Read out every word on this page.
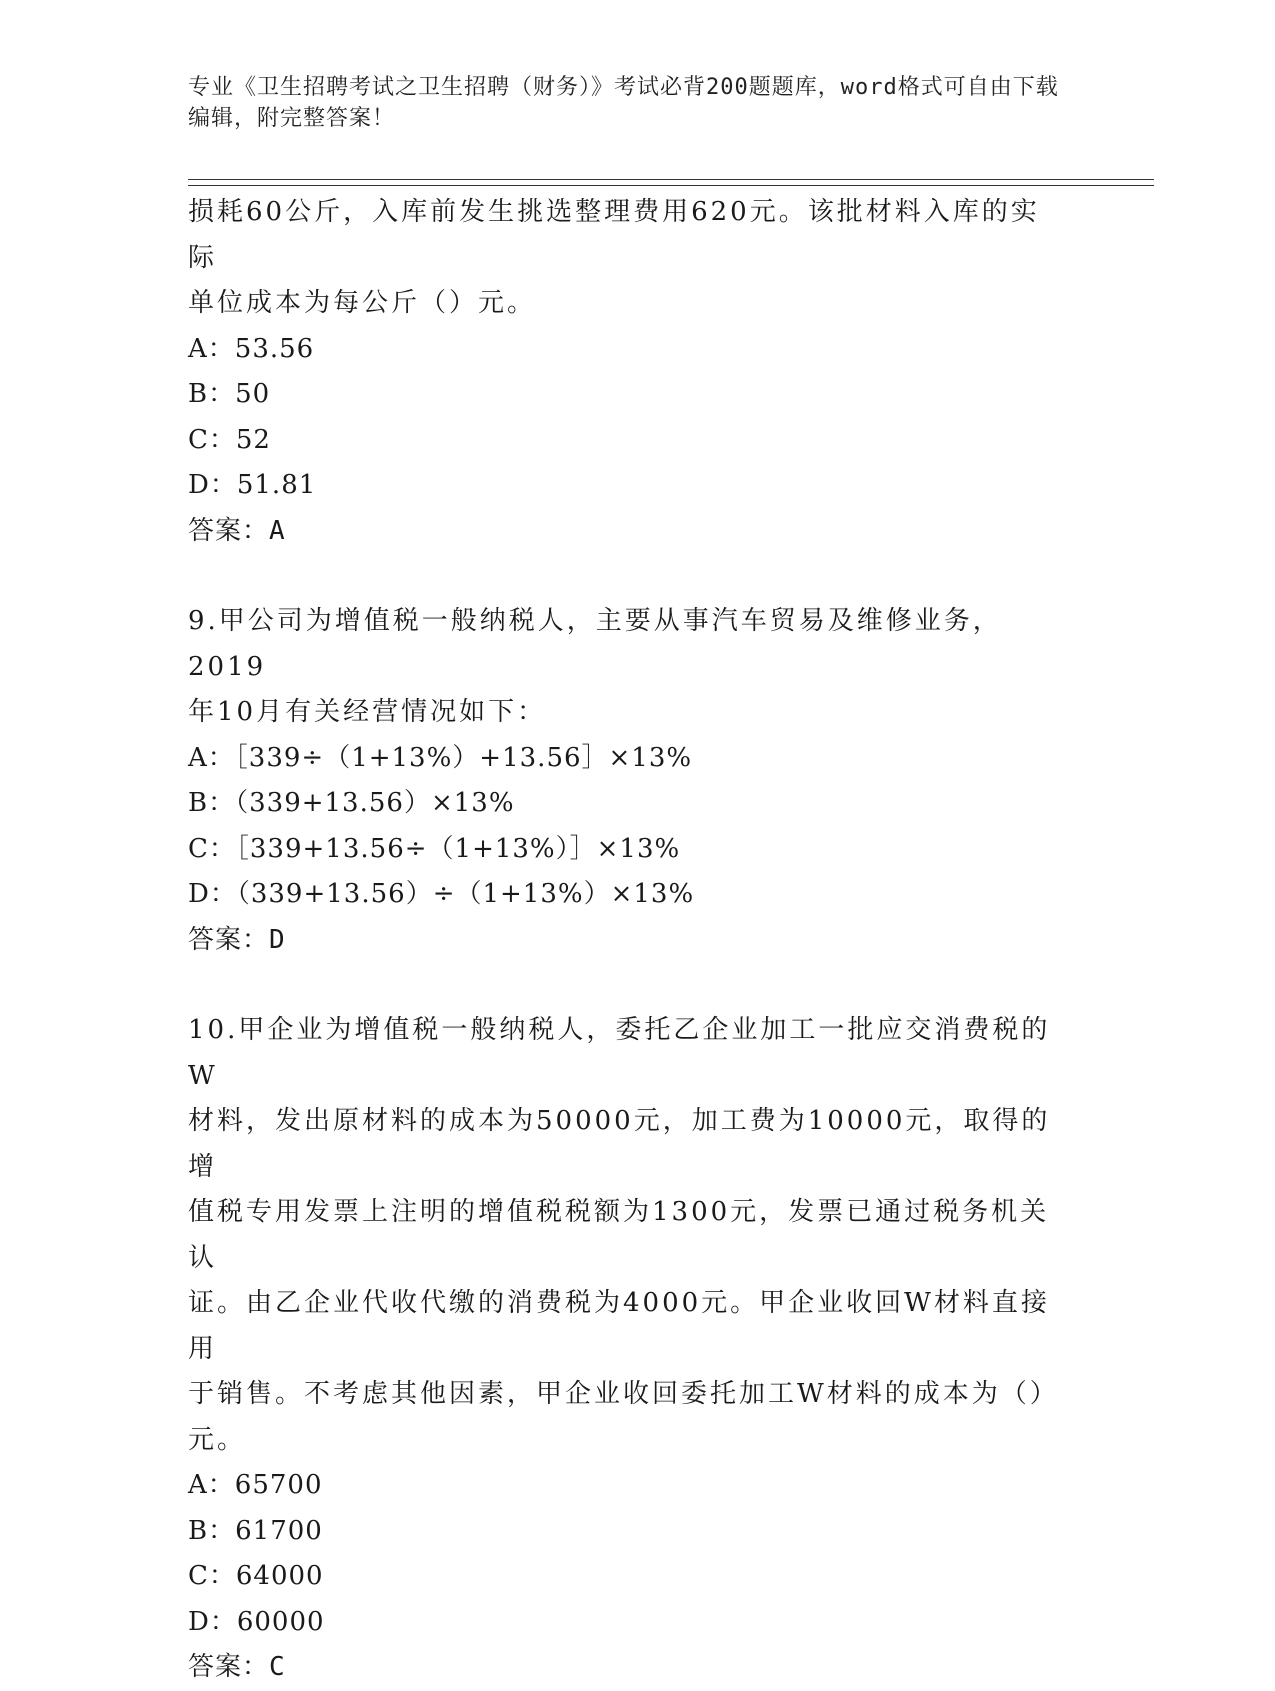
专业《卫生招聘考试之卫生招聘（财务）》考试必背200题题库，word格式可自由下载编辑，附完整答案！

损耗60公斤，入库前发生挑选整理费用620元。该批材料入库的实际

单位成本为每公斤（）元。

A：53.56

B：50

C：52

D：51.81

答案：A

9.甲公司为增值税一般纳税人，主要从事汽车贸易及维修业务，2019

年10月有关经营情况如下：

A：［339÷（1+13%）+13.56］×13%

B：（339+13.56）×13%

C：［339+13.56÷（1+13%）］×13%

D：（339+13.56）÷（1+13%）×13%

答案：D

10.甲企业为增值税一般纳税人，委托乙企业加工一批应交消费税的W

材料，发出原材料的成本为50000元，加工费为10000元，取得的增

值税专用发票上注明的增值税税额为1300元，发票已通过税务机关认

证。由乙企业代收代缴的消费税为4000元。甲企业收回W材料直接用

于销售。不考虑其他因素，甲企业收回委托加工W材料的成本为（）

元。

A：65700

B：61700

C：64000

D：60000

答案：C
